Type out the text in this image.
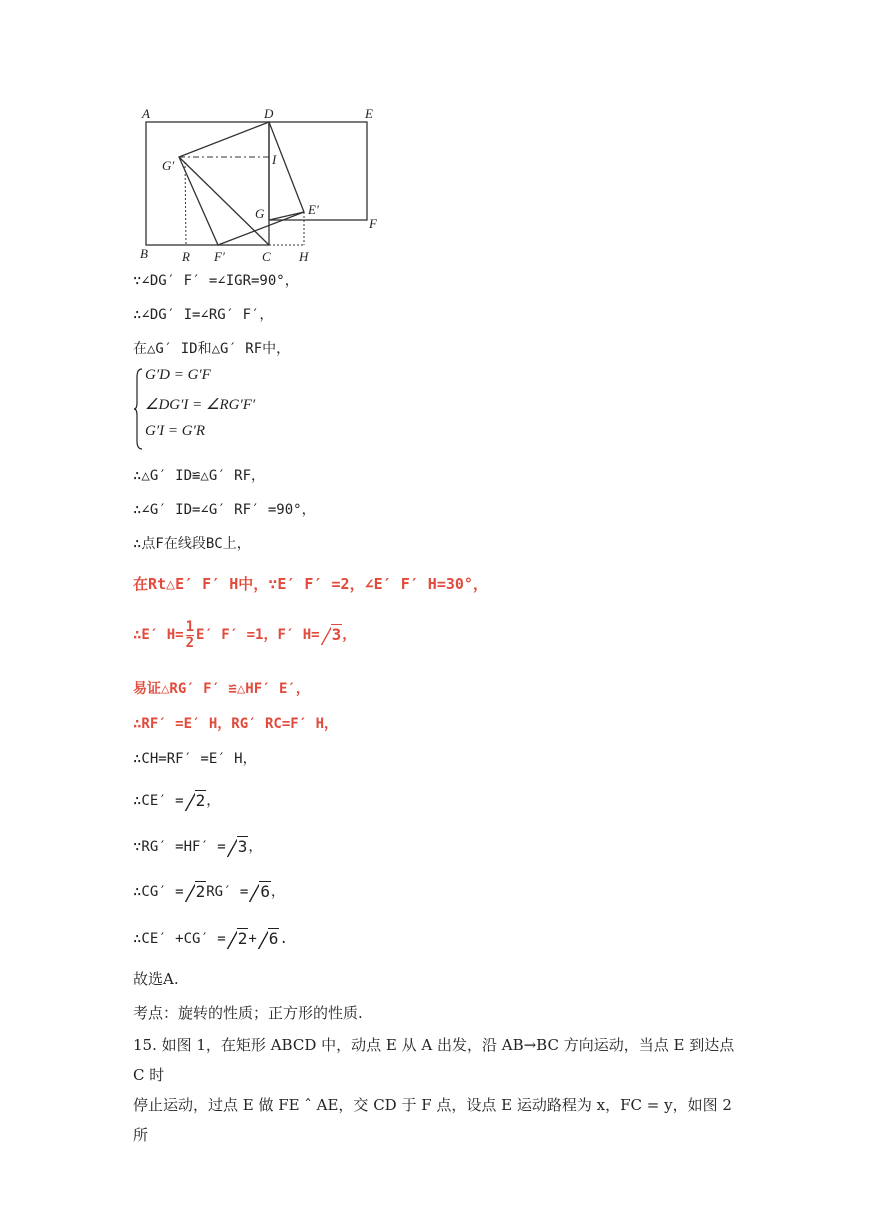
A	D	E
G′	I
G	E′
F
B	R F′	C H
∵∠DG′ F′ =∠IGR=90°，
∴∠DG′ I=∠RG′ F′，
在△G′ ID和△G′ RF中，
G′D = G′F
∠DG′I = ∠RG′F′
G′I = G′R
∴△G′ ID≌△G′ RF，
∴∠G′ ID=∠G′ RF′ =90°，
∴点F在线段BC上，
在Rt△E′ F′ H中，∵E′ F′ =2，∠E′ F′ H=30°，
∴E′ $H= \frac{1}{2} E'$ F′ =1，F′ H= 3 ，
易证△RG′ F′ ≌△HF′ E′，
∴RF′ =E′ H，RG′ RC=F′ H，
∴CH=RF′ =E′ H，
∴CE′ = 2 ，
∵RG′ =HF′ = 3 ，
∴CG′ = 2 RG′ = 6 ，
∴CE′ +CG′ = 2 + 6 .
故选A.
考点：旋转的性质；正方形的性质.
15. 如图 1，在矩形 ABCD 中，动点 E 从 A 出发，沿 AB→BC 方向运动，当点 E 到达点 C 时
停止运动，过点 E 做 FE ˆ AE，交 CD 于 F 点，设点 E 运动路程为 x，FC = y，如图 2 所
